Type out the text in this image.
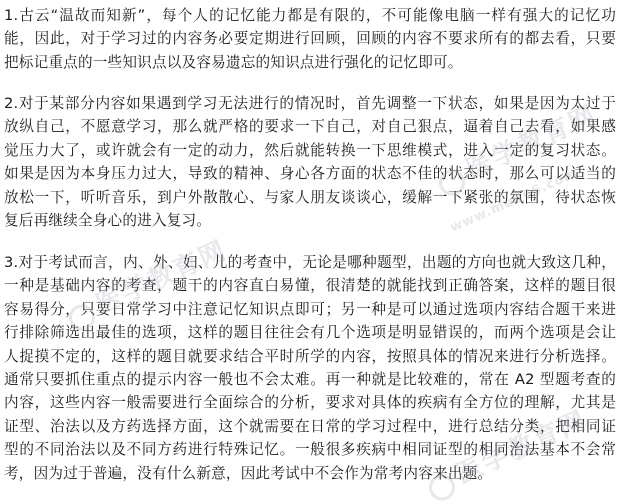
1.古云“温故而知新”，每个人的记忆能力都是有限的，不可能像电脑一样有强大的记忆功
能，因此，对于学习过的内容务必要定期进行回顾，回顾的内容不要求所有的都去看，只要
把标记重点的一些知识点以及容易遗忘的知识点进行强化的记忆即可。
2.对于某部分内容如果遇到学习无法进行的情况时，首先调整一下状态，如果是因为太过于
放纵自己，不愿意学习，那么就严格的要求一下自己，对自己狠点，逼着自己去看，如果感
觉压力大了，或许就会有一定的动力，然后就能转换一下思维模式，进入一定的复习状态。
如果是因为本身压力过大，导致的精神、身心各方面的状态不佳的状态时，那么可以适当的
放松一下，听听音乐，到户外散散心、与家人朋友谈谈心，缓解一下紧张的氛围，待状态恢
复后再继续全身心的进入复习。
3.对于考试而言，内、外、妇、儿的考查中，无论是哪种题型，出题的方向也就大致这几种，
一种是基础内容的考查，题干的内容直白易懂，很清楚的就能找到正确答案，这样的题目很
容易得分，只要日常学习中注意记忆知识点即可；另一种是可以通过选项内容结合题干来进
行排除筛选出最佳的选项，这样的题目往往会有几个选项是明显错误的，而两个选项是会让
人捉摸不定的，这样的题目就要求结合平时所学的内容，按照具体的情况来进行分析选择。
通常只要抓住重点的提示内容一般也不会太难。再一种就是比较难的，常在 A2 型题考查的
内容，这些内容一般需要进行全面综合的分析，要求对具体的疾病有全方位的理解，尤其是
证型、治法以及方药选择方面，这个就需要在日常的学习过程中，进行总结分类，把相同证
型的不同治法以及不同方药进行特殊记忆。一般很多疾病中相同证型的相同治法基本不会常
考，因为过于普遍，没有什么新意，因此考试中不会作为常考内容来出题。
医学教育网
www.med66.com
医学教育网
医学教育网
